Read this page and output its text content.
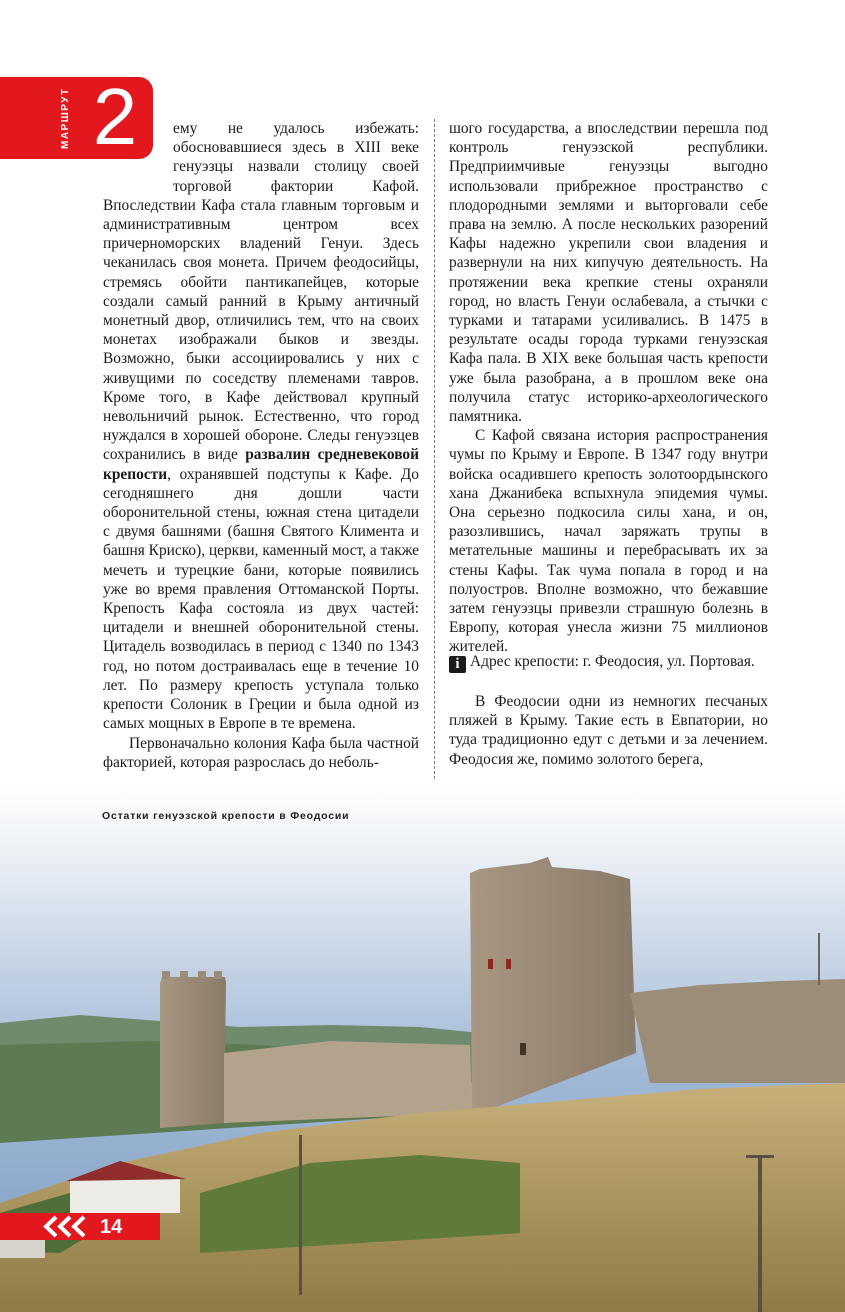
МАРШРУТ 2	ему не удалось избежать: обосновавшиеся здесь в XIII веке генуэзцы назвали столицу своей торговой фактории Кафой. Впоследствии Кафа стала главным торговым и административным центром всех причерноморских владений Генуи. Здесь чеканилась своя монета. Причем феодосийцы, стремясь обойти пантикапейцев, которые создали самый ранний в Крыму античный монетный двор, отличились тем, что на своих монетах изображали быков и звезды. Возможно, быки ассоциировались у них с живущими по соседству племенами тавров. Кроме того, в Кафе действовал крупный невольничий рынок. Естественно, что город нуждался в хорошей обороне. Следы генуэзцев сохранились в виде развалин средневековой крепости, охранявшей подступы к Кафе. До сегодняшнего дня дошли части оборонительной стены, южная стена цитадели с двумя башнями (башня Святого Климента и башня Криско), церкви, каменный мост, а также мечеть и турецкие бани, которые появились уже во время правления Оттоманской Порты. Крепость Кафа состояла из двух частей: цитадели и внешней оборонительной стены. Цитадель возводилась в период с 1340 по 1343 год, но потом достраивалась еще в течение 10 лет. По размеру крепость уступала только крепости Солоник в Греции и была одной из самых мощных в Европе в те времена.

Первоначально колония Кафа была частной факторией, которая разрослась до неболь-

шого государства, а впоследствии перешла под контроль генуэзской республики. Предприимчивые генуэзцы выгодно использовали прибрежное пространство с плодородными землями и выторговали себе права на землю. А после нескольких разорений Кафы надежно укрепили свои владения и развернули на них кипучую деятельность. На протяжении века крепкие стены охраняли город, но власть Генуи ослабевала, а стычки с турками и татарами усиливались. В 1475 в результате осады города турками генуэзская Кафа пала. В XIX веке большая часть крепости уже была разобрана, а в прошлом веке она получила статус историко-археологического памятника.

С Кафой связана история распространения чумы по Крыму и Европе. В 1347 году внутри войска осадившего крепость золотоордынского хана Джанибека вспыхнула эпидемия чумы. Она серьезно подкосила силы хана, и он, разозлившись, начал заряжать трупы в метательные машины и перебрасывать их за стены Кафы. Так чума попала в город и на полуостров. Вполне возможно, что бежавшие затем генуэзцы привезли страшную болезнь в Европу, которая унесла жизни 75 миллионов жителей.

i Адрес крепости: г. Феодосия, ул. Портовая.

В Феодосии одни из немногих песчаных пляжей в Крыму. Такие есть в Евпатории, но туда традиционно едут с детьми и за лечением. Феодосия же, помимо золотого берега,

Остатки генуэзской крепости в Феодосии
14
